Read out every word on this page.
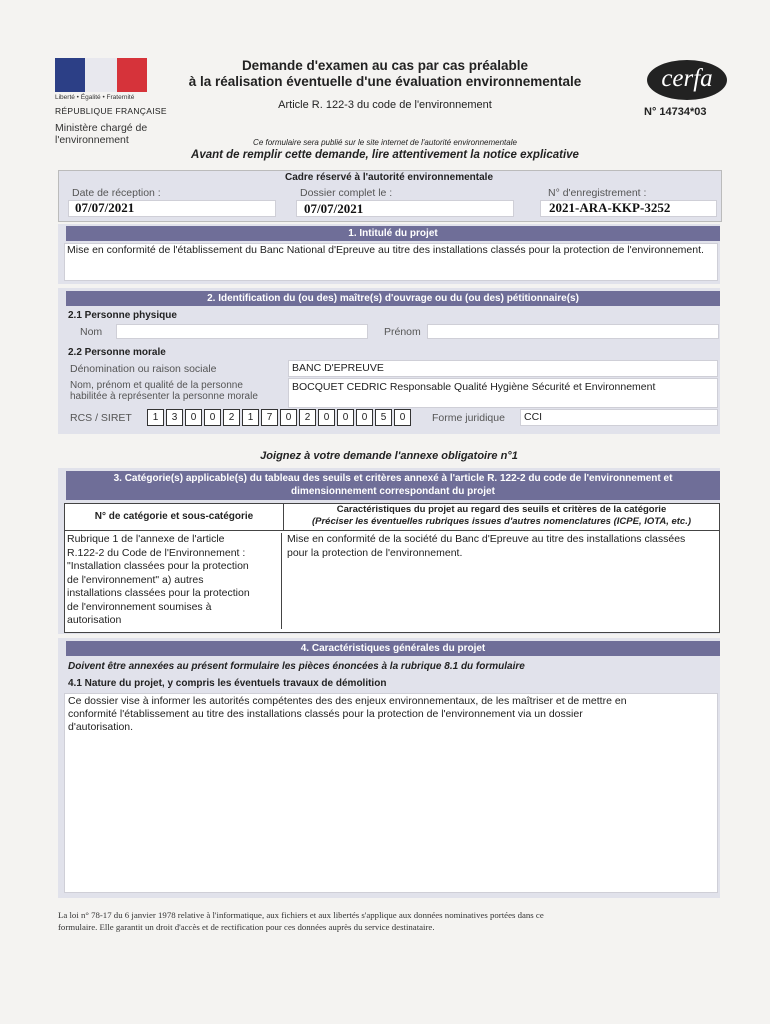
Liberté • Égalité • Fraternité
RÉPUBLIQUE FRANÇAISE
Ministère chargé de l'environnement
Demande d'examen au cas par cas préalable
à la réalisation éventuelle d'une évaluation environnementale
Article R. 122-3 du code de l'environnement
cerfa
N° 14734*03
Ce formulaire sera publié sur le site internet de l'autorité environnementale
Avant de remplir cette demande, lire attentivement la notice explicative
Cadre réservé à l'autorité environnementale
Date de réception :
07/07/2021
Dossier complet le :
07/07/2021
N° d'enregistrement :
2021-ARA-KKP-3252
1. Intitulé du projet
Mise en conformité de l'établissement du Banc National d'Epreuve au titre des installations classés pour la protection de l'environnement.
2. Identification du (ou des) maître(s) d'ouvrage ou du (ou des) pétitionnaire(s)
2.1 Personne physique
Nom	Prénom
2.2 Personne morale
Dénomination ou raison sociale	BANC D'EPREUVE
Nom, prénom et qualité de la personne
habilitée à représenter la personne morale
BOCQUET CEDRIC Responsable Qualité Hygiène Sécurité et Environnement
RCS / SIRET	1	3	0	0	2	1	7	0	2	0	0	0	5	0	Forme juridique	CCI
Joignez à votre demande l'annexe obligatoire n°1
3. Catégorie(s) applicable(s) du tableau des seuils et critères annexé à l'article R. 122-2 du code de l'environnement et
dimensionnement correspondant du projet
N° de catégorie et sous-catégorie
Caractéristiques du projet au regard des seuils et critères de la catégorie
(Préciser les éventuelles rubriques issues d'autres nomenclatures (ICPE, IOTA, etc.)
Rubrique 1 de l'annexe de l'article
R.122-2 du Code de l'Environnement :
"Installation classées pour la protection
de l'environnement" a) autres
installations classées pour la protection
de l'environnement soumises à
autorisation
Mise en conformité de la société du Banc d'Epreuve au titre des installations classées
pour la protection de l'environnement.
4. Caractéristiques générales du projet
Doivent être annexées au présent formulaire les pièces énoncées à la rubrique 8.1 du formulaire
4.1 Nature du projet, y compris les éventuels travaux de démolition
Ce dossier vise à informer les autorités compétentes des des enjeux environnementaux, de les maîtriser et de mettre en
conformité l'établissement au titre des installations classés pour la protection de l'environnement via un dossier
d'autorisation.
La loi n° 78-17 du 6 janvier 1978 relative à l'informatique, aux fichiers et aux libertés s'applique aux données nominatives portées dans ce
formulaire. Elle garantit un droit d'accès et de rectification pour ces données auprès du service destinataire.
